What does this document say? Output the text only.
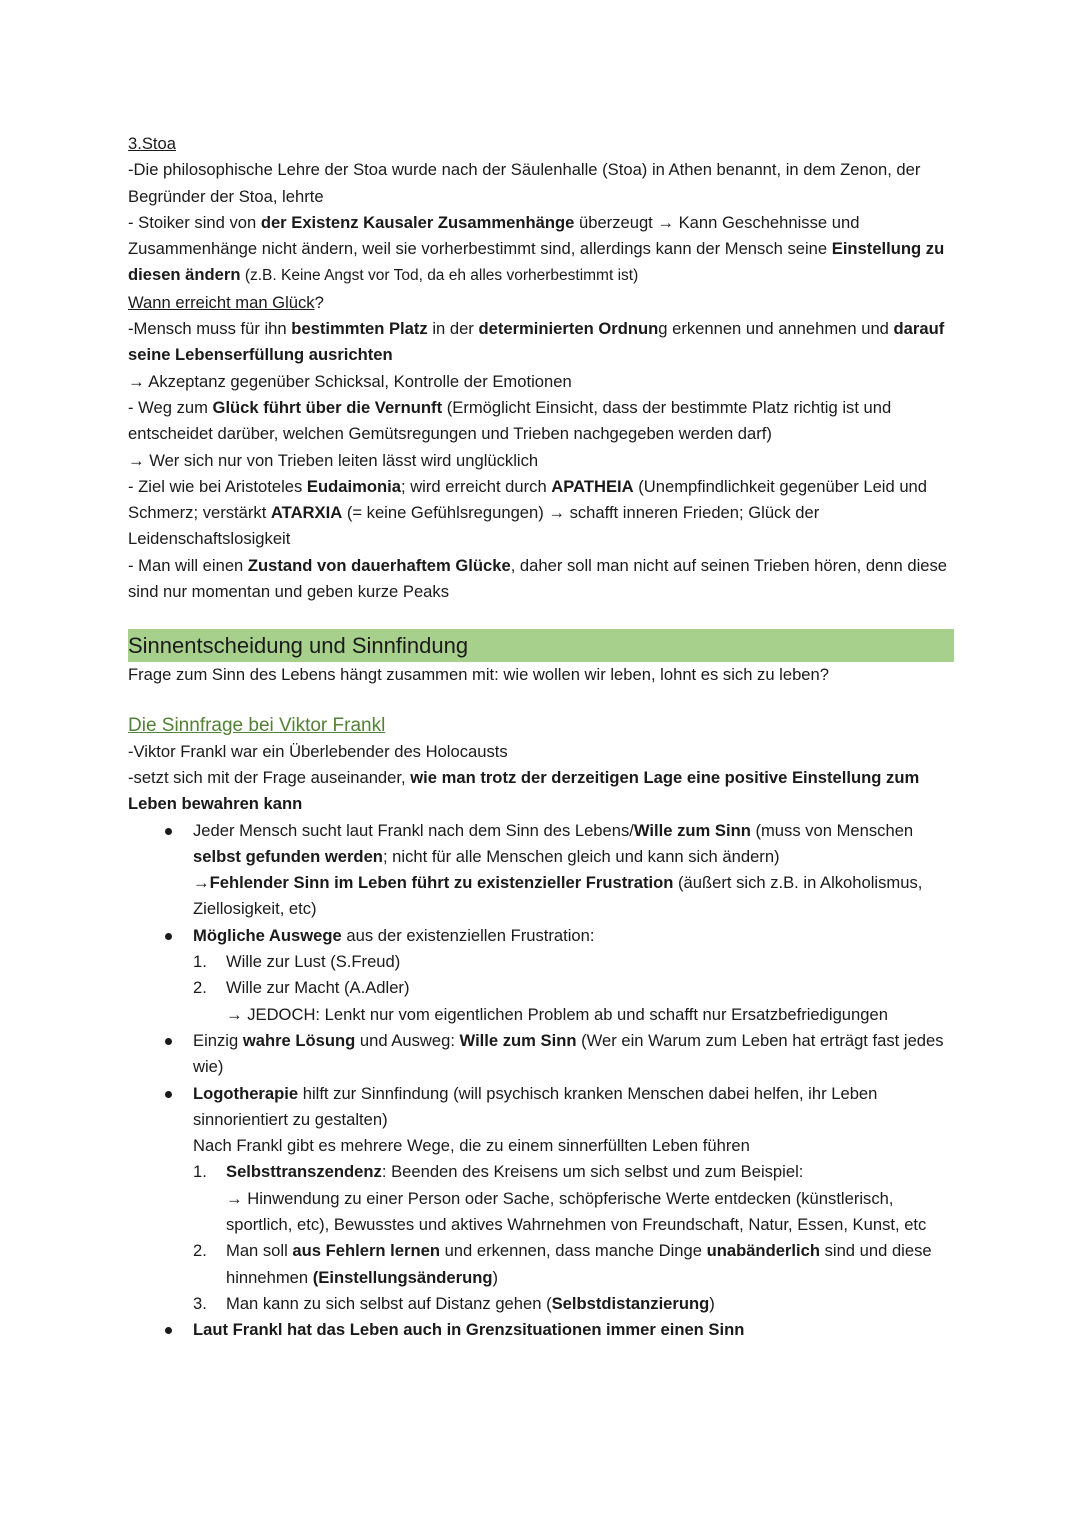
3.Stoa

-Die philosophische Lehre der Stoa wurde nach der Säulenhalle (Stoa) in Athen benannt, in dem Zenon, der Begründer der Stoa, lehrte

- Stoiker sind von der Existenz Kausaler Zusammenhänge überzeugt → Kann Geschehnisse und Zusammenhänge nicht ändern, weil sie vorherbestimmt sind, allerdings kann der Mensch seine Einstellung zu diesen ändern (z.B. Keine Angst vor Tod, da eh alles vorherbestimmt ist)

Wann erreicht man Glück?

-Mensch muss für ihn bestimmten Platz in der determinierten Ordnung erkennen und annehmen und darauf seine Lebenserfüllung ausrichten

→ Akzeptanz gegenüber Schicksal, Kontrolle der Emotionen

- Weg zum Glück führt über die Vernunft (Ermöglicht Einsicht, dass der bestimmte Platz richtig ist und entscheidet darüber, welchen Gemütsregungen und Trieben nachgegeben werden darf)

→ Wer sich nur von Trieben leiten lässt wird unglücklich

- Ziel wie bei Aristoteles Eudaimonia; wird erreicht durch APATHEIA (Unempfindlichkeit gegenüber Leid und Schmerz; verstärkt ATARXIA (= keine Gefühlsregungen) → schafft inneren Frieden; Glück der Leidenschaftslosigkeit

- Man will einen Zustand von dauerhaftem Glücke, daher soll man nicht auf seinen Trieben hören, denn diese sind nur momentan und geben kurze Peaks

Sinnentscheidung und Sinnfindung

Frage zum Sinn des Lebens hängt zusammen mit: wie wollen wir leben, lohnt es sich zu leben?

Die Sinnfrage bei Viktor Frankl

-Viktor Frankl war ein Überlebender des Holocausts

-setzt sich mit der Frage auseinander, wie man trotz der derzeitigen Lage eine positive Einstellung zum Leben bewahren kann

Jeder Mensch sucht laut Frankl nach dem Sinn des Lebens/Wille zum Sinn (muss von Menschen selbst gefunden werden; nicht für alle Menschen gleich und kann sich ändern)
→Fehlender Sinn im Leben führt zu existenzieller Frustration (äußert sich z.B. in Alkoholismus, Ziellosigkeit, etc)
Mögliche Auswege aus der existenziellen Frustration:
1. Wille zur Lust (S.Freud)
2. Wille zur Macht (A.Adler)
→ JEDOCH: Lenkt nur vom eigentlichen Problem ab und schafft nur Ersatzbefriedigungen
Einzig wahre Lösung und Ausweg: Wille zum Sinn (Wer ein Warum zum Leben hat erträgt fast jedes wie)
Logotherapie hilft zur Sinnfindung (will psychisch kranken Menschen dabei helfen, ihr Leben sinnorientiert zu gestalten)
Nach Frankl gibt es mehrere Wege, die zu einem sinnerfüllten Leben führen
1. Selbsttranszendenz: Beenden des Kreisens um sich selbst und zum Beispiel:
→ Hinwendung zu einer Person oder Sache, schöpferische Werte entdecken (künstlerisch, sportlich, etc), Bewusstes und aktives Wahrnehmen von Freundschaft, Natur, Essen, Kunst, etc
2. Man soll aus Fehlern lernen und erkennen, dass manche Dinge unabänderlich sind und diese hinnehmen (Einstellungsänderung)
3. Man kann zu sich selbst auf Distanz gehen (Selbstdistanzierung)
Laut Frankl hat das Leben auch in Grenzsituationen immer einen Sinn
